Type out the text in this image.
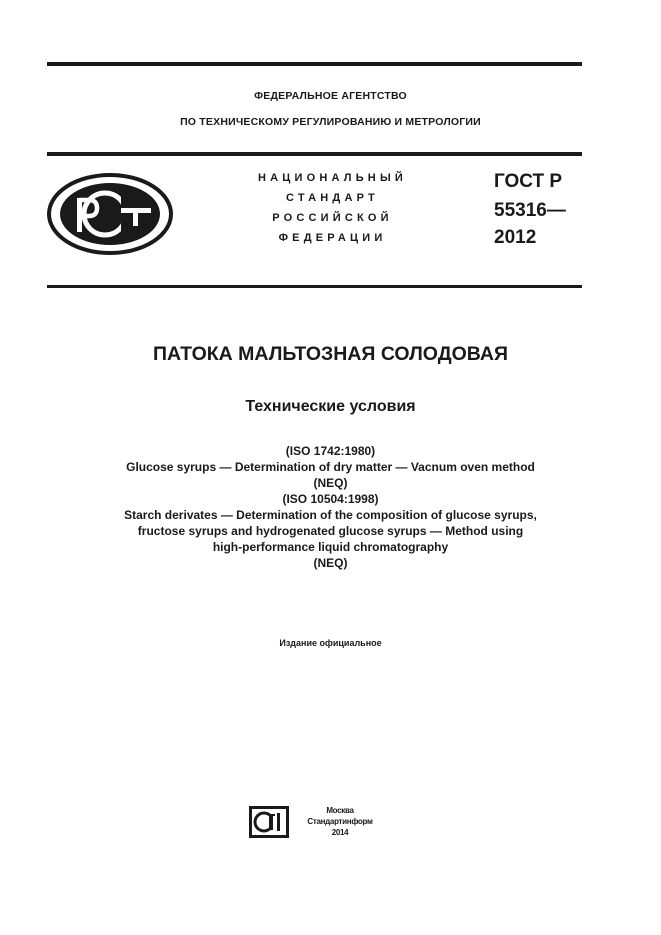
ФЕДЕРАЛЬНОЕ АГЕНТСТВО
ПО ТЕХНИЧЕСКОМУ РЕГУЛИРОВАНИЮ И МЕТРОЛОГИИ
НАЦИОНАЛЬНЫЙ
СТАНДАРТ
РОССИЙСКОЙ
ФЕДЕРАЦИИ
ГОСТ Р
55316—
2012
ПАТОКА МАЛЬТОЗНАЯ СОЛОДОВАЯ
Технические условия
(ISO 1742:1980)
Glucose syrups — Determination of dry matter — Vacnum oven method
(NEQ)
(ISO 10504:1998)
Starch derivates — Determination of the composition of glucose syrups,
fructose syrups and hydrogenated glucose syrups — Method using
high-performance liquid chromatography
(NEQ)
Издание официальное
Москва
Стандартинформ
2014
